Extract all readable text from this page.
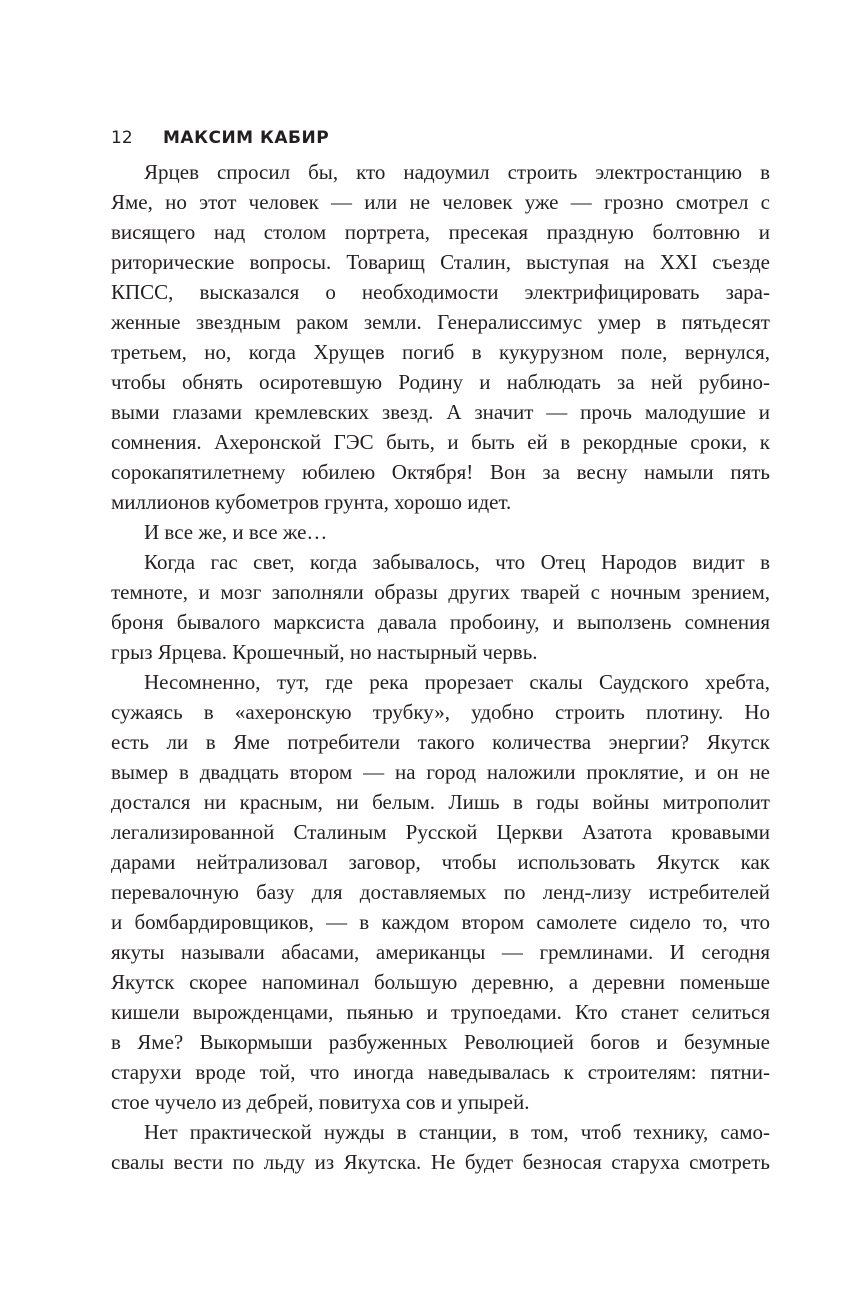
12 МАКСИМ КАБИР
Ярцев спросил бы, кто надоумил строить электростанцию в
Яме, но этот человек — или не человек уже — грозно смотрел с
висящего над столом портрета, пресекая праздную болтовню и
риторические вопросы. Товарищ Сталин, выступая на XXI съезде
КПСС, высказался о необходимости электрифицировать зара-
женные звездным раком земли. Генералиссимус умер в пятьдесят
третьем, но, когда Хрущев погиб в кукурузном поле, вернулся,
чтобы обнять осиротевшую Родину и наблюдать за ней рубино-
выми глазами кремлевских звезд. А значит — прочь малодушие и
сомнения. Ахеронской ГЭС быть, и быть ей в рекордные сроки, к
сорокапятилетнему юбилею Октября! Вон за весну намыли пять
миллионов кубометров грунта, хорошо идет.
И все же, и все же…
Когда гас свет, когда забывалось, что Отец Народов видит в
темноте, и мозг заполняли образы других тварей с ночным зрением,
броня бывалого марксиста давала пробоину, и выползень сомнения
грыз Ярцева. Крошечный, но настырный червь.
Несомненно, тут, где река прорезает скалы Саудского хребта,
сужаясь в «ахеронскую трубку», удобно строить плотину. Но
есть ли в Яме потребители такого количества энергии? Якутск
вымер в двадцать втором — на город наложили проклятие, и он не
достался ни красным, ни белым. Лишь в годы войны митрополит
легализированной Сталиным Русской Церкви Азатота кровавыми
дарами нейтрализовал заговор, чтобы использовать Якутск как
перевалочную базу для доставляемых по ленд-лизу истребителей
и бомбардировщиков, — в каждом втором самолете сидело то, что
якуты называли абасами, американцы — гремлинами. И сегодня
Якутск скорее напоминал большую деревню, а деревни поменьше
кишели вырожденцами, пьянью и трупоедами. Кто станет селиться
в Яме? Выкормыши разбуженных Революцией богов и безумные
старухи вроде той, что иногда наведывалась к строителям: пятни-
стое чучело из дебрей, повитуха сов и упырей.
Нет практической нужды в станции, в том, чтоб технику, само-
свалы вести по льду из Якутска. Не будет безносая старуха смотреть
